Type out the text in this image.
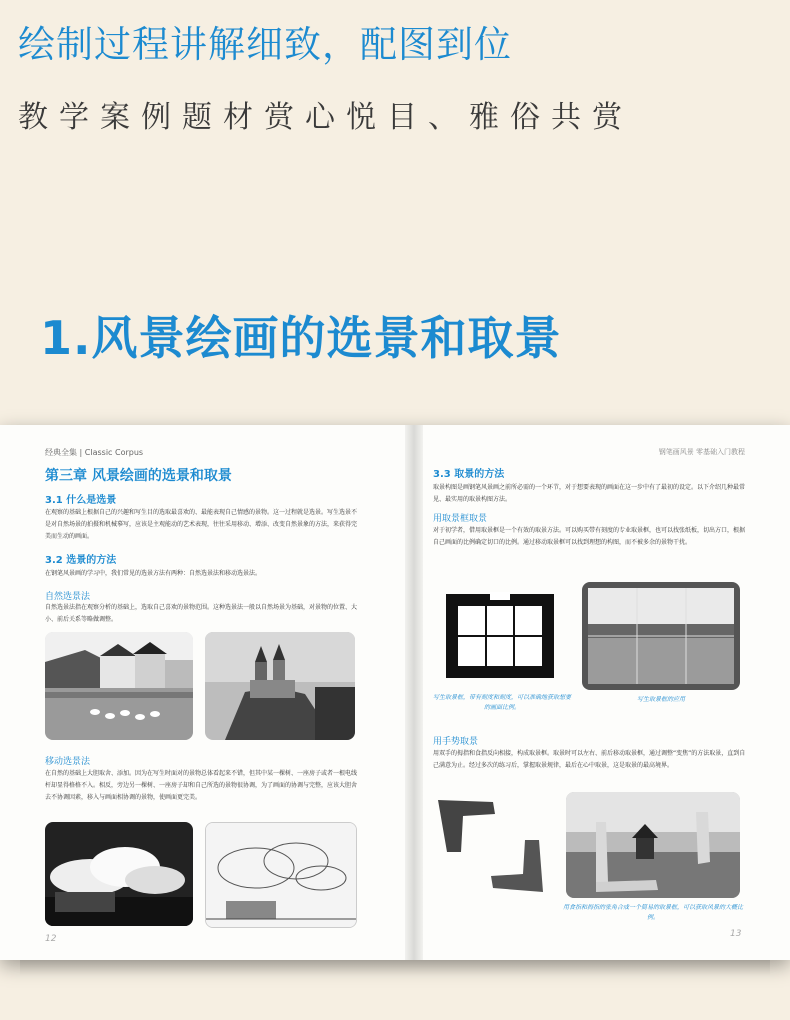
绘制过程讲解细致，配图到位
教学案例题材赏心悦目、雅俗共赏
1.风景绘画的选景和取景
经典全集 | Classic Corpus	钢笔画风景 零基础入门教程
第三章 风景绘画的选景和取景
3.1 什么是选景
在观察的基础上根据自己的兴趣和写生目的选取最喜欢的、最能表现自己情感的景物。这一过程就是选景。写生选景不是对自然场景的拍摄和机械摹写，应该是主观能动的艺术表现，往往采用移动、增添、改变自然景象的方法，来获得完美而生动的画面。
3.2 选景的方法
在钢笔风景画的学习中，我们常见的选景方法有两种：自然选景法和移动选景法。
自然选景法
自然选景法指在观察分析的基础上，选取自己喜欢的景物范围。这种选景法一般以自然场景为基础，对景物的位置、大小、前后关系等略做调整。
移动选景法
在自然的基础上大胆取舍、添加。因为在写生时面对的景物总体看起来不错，但其中某一棵树、一座房子或者一根电线杆却显得格格不入。相反，旁边另一棵树、一座房子却和自己所选的景物很协调，为了画面的协调与完整，应该大胆舍去不协调因素，移入与画面相协调的景物，使画面更完美。
12
3.3 取景的方法
取景构图是画钢笔风景画之前所必需的一个环节，对于想要表现的画面在这一步中有了最初的设定。以下介绍几种最常见、最实用的取景构图方法。
用取景框取景
对于初学者，借用取景框是一个有效的取景方法。可以购买带有刻度的专业取景框，也可以找张纸板，切出方口，根据自己画面的比例确定切口的比例。通过移动取景框可以找到理想的构图，而不被多余的景物干扰。
写生取景框，带有刻度和刻度，可以准确地获取想要的画面比例。
写生取景框的应用
用手势取景
用双手的拇指和食指反向相接，构成取景框。取景时可以左右、前后移动取景框，通过调整“变焦”的方法取景，直到自己满意为止。经过多次的练习后，掌握取景规律，最后在心中取景，这是取景的最高境界。
用食指和拇指的张角合成一个简易的取景框，可以获取风景的大概比例。
13
